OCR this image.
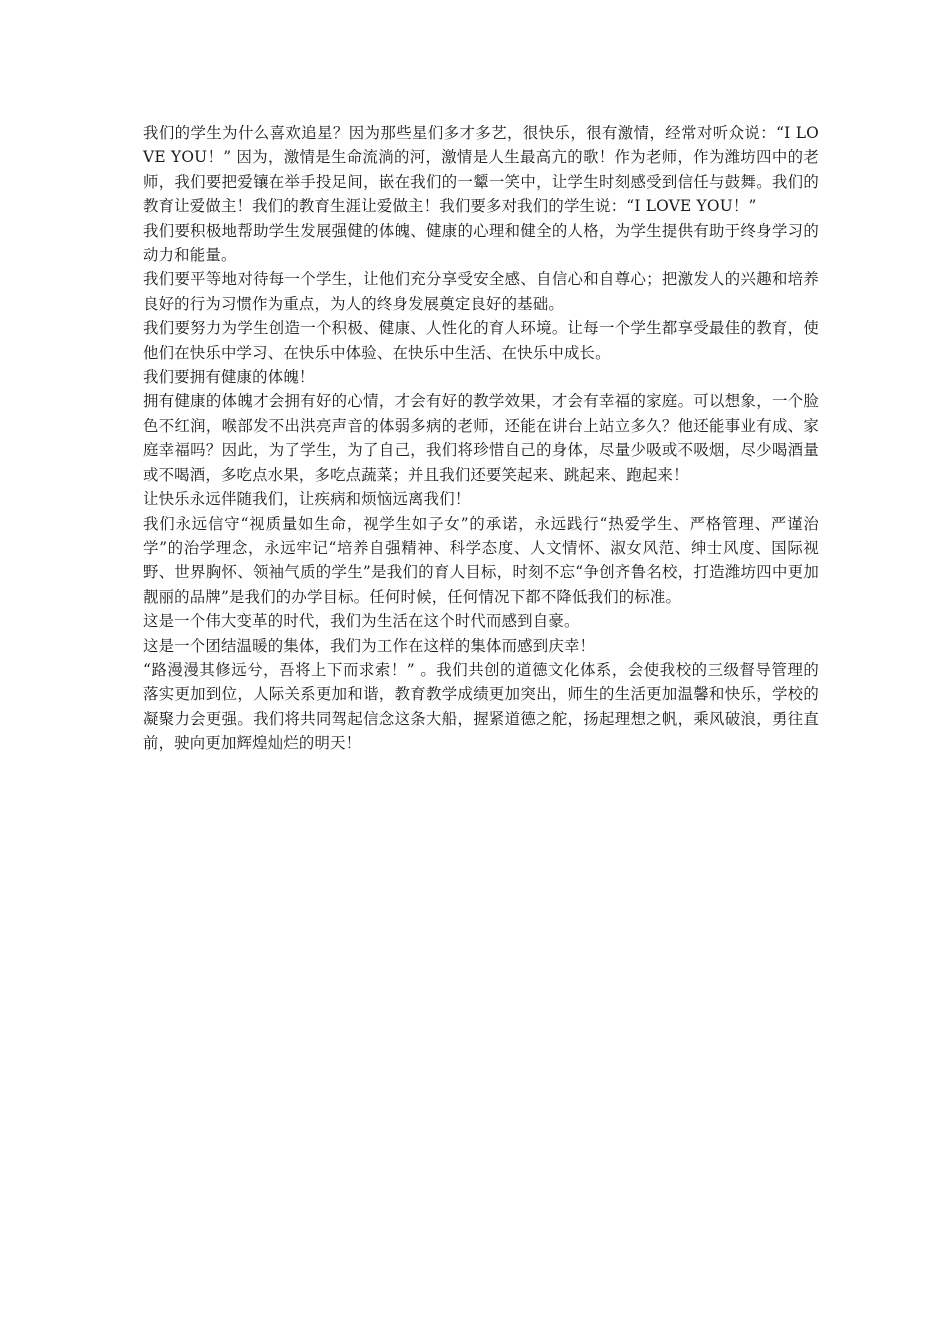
我们的学生为什么喜欢追星？因为那些星们多才多艺，很快乐，很有激情，经常对听众说：“I LOVE YOU！” 因为，激情是生命流淌的河，激情是人生最高亢的歌！作为老师，作为潍坊四中的老师，我们要把爱镶在举手投足间，嵌在我们的一颦一笑中，让学生时刻感受到信任与鼓舞。我们的教育让爱做主！我们的教育生涯让爱做主！我们要多对我们的学生说：“I LOVE YOU！”

我们要积极地帮助学生发展强健的体魄、健康的心理和健全的人格，为学生提供有助于终身学习的动力和能量。

我们要平等地对待每一个学生，让他们充分享受安全感、自信心和自尊心；把激发人的兴趣和培养良好的行为习惯作为重点，为人的终身发展奠定良好的基础。

我们要努力为学生创造一个积极、健康、人性化的育人环境。让每一个学生都享受最佳的教育，使他们在快乐中学习、在快乐中体验、在快乐中生活、在快乐中成长。

我们要拥有健康的体魄！

拥有健康的体魄才会拥有好的心情，才会有好的教学效果，才会有幸福的家庭。可以想象，一个脸色不红润，喉部发不出洪亮声音的体弱多病的老师，还能在讲台上站立多久？他还能事业有成、家庭幸福吗？因此，为了学生，为了自己，我们将珍惜自己的身体，尽量少吸或不吸烟，尽少喝酒量或不喝酒，多吃点水果，多吃点蔬菜；并且我们还要笑起来、跳起来、跑起来！

让快乐永远伴随我们，让疾病和烦恼远离我们！

我们永远信守“视质量如生命，视学生如子女”的承诺，永远践行“热爱学生、严格管理、严谨治学”的治学理念，永远牢记“培养自强精神、科学态度、人文情怀、淑女风范、绅士风度、国际视野、世界胸怀、领袖气质的学生”是我们的育人目标，时刻不忘“争创齐鲁名校，打造潍坊四中更加靓丽的品牌”是我们的办学目标。任何时候，任何情况下都不降低我们的标准。

这是一个伟大变革的时代，我们为生活在这个时代而感到自豪。

这是一个团结温暖的集体，我们为工作在这样的集体而感到庆幸！

“路漫漫其修远兮，吾将上下而求索！” 。我们共创的道德文化体系，会使我校的三级督导管理的落实更加到位，人际关系更加和谐，教育教学成绩更加突出，师生的生活更加温馨和快乐，学校的凝聚力会更强。我们将共同驾起信念这条大船，握紧道德之舵，扬起理想之帆，乘风破浪，勇往直前，驶向更加辉煌灿烂的明天！
